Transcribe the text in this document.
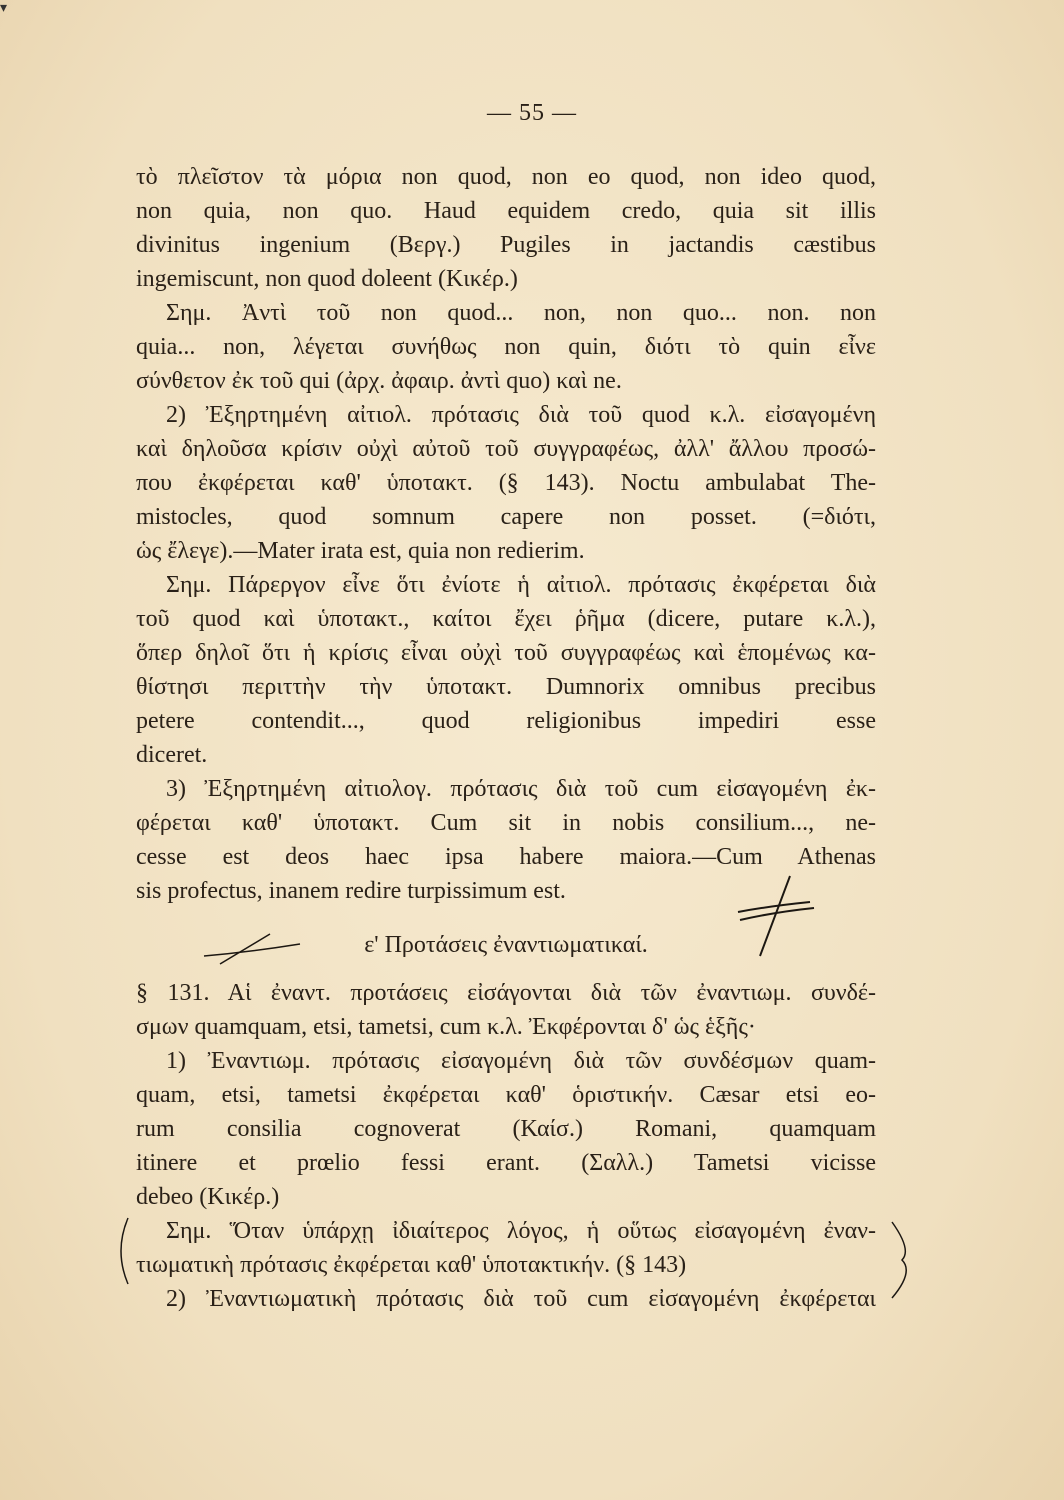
▾
— 55 —
τὸ πλεῖστον τὰ μόρια non quod, non eo quod, non ideo quod,
non quia, non quo. Haud equidem credo, quia sit illis
divinitus ingenium (Βεργ.) Pugiles in jactandis cæstibus
ingemiscunt, non quod doleent (Κικέρ.)
Σημ. Ἀντὶ τοῦ non quod... non, non quo... non. non
quia... non, λέγεται συνήθως non quin, διότι τὸ quin εἶνε
σύνθετον ἐκ τοῦ qui (ἀρχ. ἀφαιρ. ἀντὶ quo) καὶ ne.
2) Ἐξηρτημένη αἰτιολ. πρότασις διὰ τοῦ quod κ.λ. εἰσαγομένη
καὶ δηλοῦσα κρίσιν οὐχὶ αὐτοῦ τοῦ συγγραφέως, ἀλλ' ἄλλου προσώ-
που ἐκφέρεται καθ' ὑποτακτ. (§ 143). Noctu ambulabat The-
mistocles, quod somnum capere non posset. (=διότι,
ὡς ἔλεγε).—Mater irata est, quia non redierim.
Σημ. Πάρεργον εἶνε ὅτι ἐνίοτε ἡ αἰτιολ. πρότασις ἐκφέρεται διὰ
τοῦ quod καὶ ὑποτακτ., καίτοι ἔχει ῥῆμα (dicere, putare κ.λ.),
ὅπερ δηλοῖ ὅτι ἡ κρίσις εἶναι οὐχὶ τοῦ συγγραφέως καὶ ἑπομένως κα-
θίστησι περιττὴν τὴν ὑποτακτ. Dumnorix omnibus precibus
petere contendit..., quod religionibus impediri esse
diceret.
3) Ἐξηρτημένη αἰτιολογ. πρότασις διὰ τοῦ cum εἰσαγομένη ἐκ-
φέρεται καθ' ὑποτακτ. Cum sit in nobis consilium..., ne-
cesse est deos haec ipsa habere maiora.—Cum Athenas
sis profectus, inanem redire turpissimum est.
ε' Προτάσεις ἐναντιωματικαί.
§ 131. Αἱ ἐναντ. προτάσεις εἰσάγονται διὰ τῶν ἐναντιωμ. συνδέ-
σμων quamquam, etsi, tametsi, cum κ.λ. Ἐκφέρονται δ' ὡς ἑξῆς·
1) Ἐναντιωμ. πρότασις εἰσαγομένη διὰ τῶν συνδέσμων quam-
quam, etsi, tametsi ἐκφέρεται καθ' ὁριστικήν. Cæsar etsi eo-
rum consilia cognoverat (Καίσ.) Romani, quamquam
itinere et prœlio fessi erant. (Σαλλ.) Tametsi vicisse
debeo (Κικέρ.)
Σημ. Ὅταν ὑπάρχῃ ἰδιαίτερος λόγος, ἡ οὕτως εἰσαγομένη ἐναν-
τιωματικὴ πρότασις ἐκφέρεται καθ' ὑποτακτικήν. (§ 143)
2) Ἐναντιωματικὴ πρότασις διὰ τοῦ cum εἰσαγομένη ἐκφέρεται
